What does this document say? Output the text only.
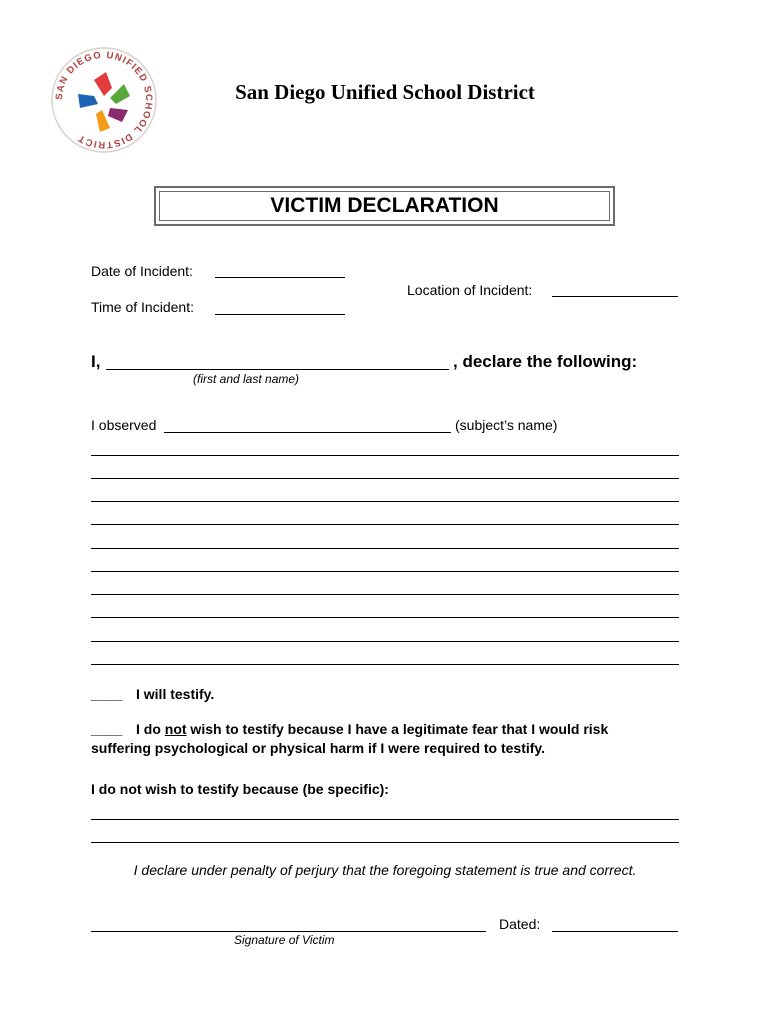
SAN DIEGO UNIFIED SCHOOL DISTRICT
San Diego Unified School District
VICTIM DECLARATION
Date of Incident:
Location of Incident:
Time of Incident:
I,	, declare the following:
(first and last name)
I observed	(subject’s name)
____ I will testify.
____ I do not wish to testify because I have a legitimate fear that I would risk
suffering psychological or physical harm if I were required to testify.
I do not wish to testify because (be specific):
I declare under penalty of perjury that the foregoing statement is true and correct.
Dated:
Signature of Victim
